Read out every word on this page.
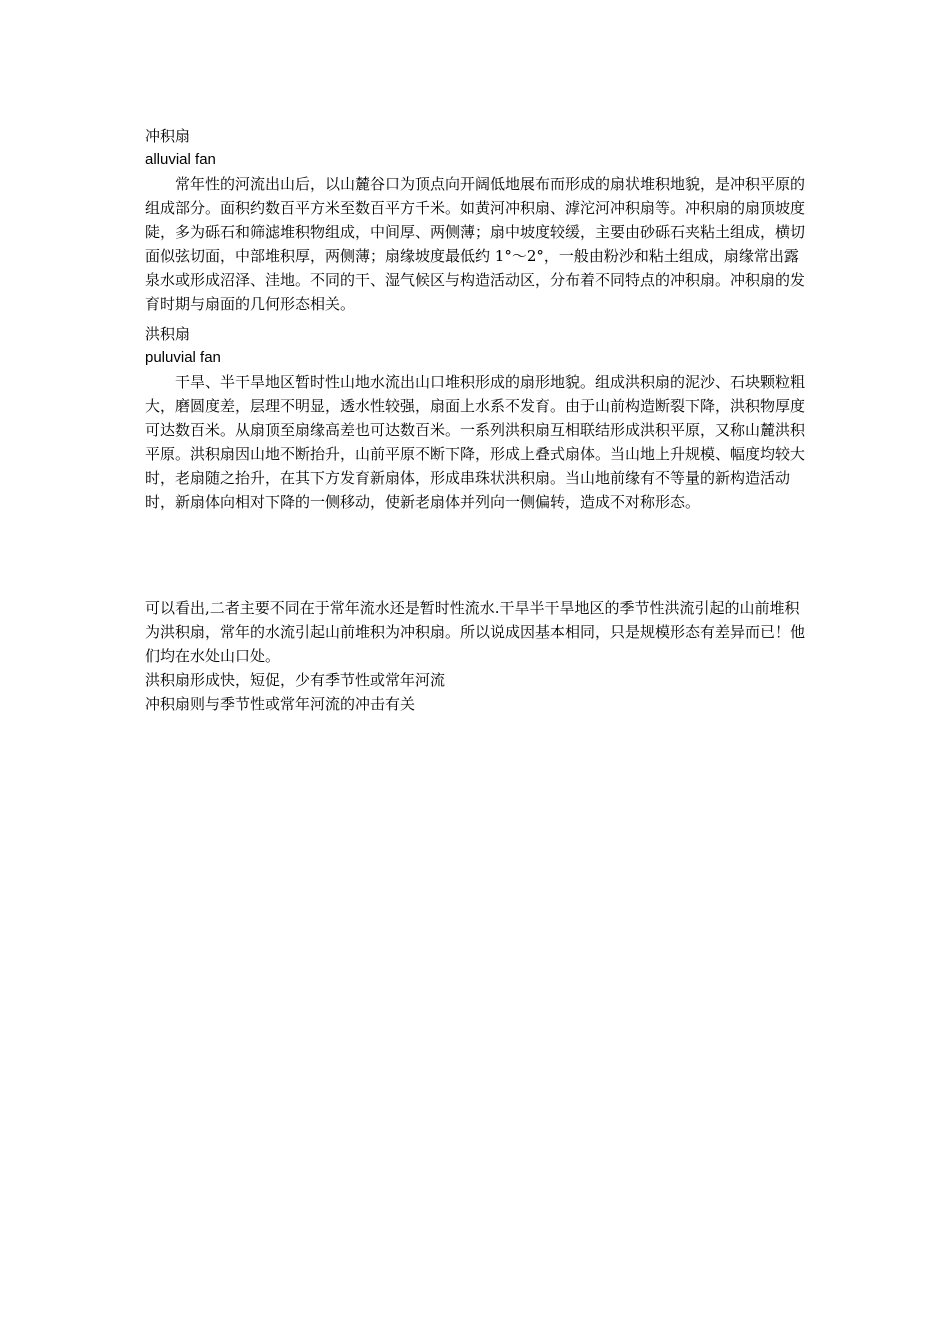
冲积扇

alluvial fan

常年性的河流出山后，以山麓谷口为顶点向开阔低地展布而形成的扇状堆积地貌，是冲积平原的组成部分。面积约数百平方米至数百平方千米。如黄河冲积扇、滹沱河冲积扇等。冲积扇的扇顶坡度陡，多为砾石和筛滤堆积物组成，中间厚、两侧薄；扇中坡度较缓，主要由砂砾石夹粘土组成，横切面似弦切面，中部堆积厚，两侧薄；扇缘坡度最低约 1°～2°，一般由粉沙和粘土组成，扇缘常出露泉水或形成沼泽、洼地。不同的干、湿气候区与构造活动区，分布着不同特点的冲积扇。冲积扇的发育时期与扇面的几何形态相关。

洪积扇

puluvial fan

干旱、半干旱地区暂时性山地水流出山口堆积形成的扇形地貌。组成洪积扇的泥沙、石块颗粒粗大，磨圆度差，层理不明显，透水性较强，扇面上水系不发育。由于山前构造断裂下降，洪积物厚度可达数百米。从扇顶至扇缘高差也可达数百米。一系列洪积扇互相联结形成洪积平原，又称山麓洪积平原。洪积扇因山地不断抬升，山前平原不断下降，形成上叠式扇体。当山地上升规模、幅度均较大时，老扇随之抬升，在其下方发育新扇体，形成串珠状洪积扇。当山地前缘有不等量的新构造活动时，新扇体向相对下降的一侧移动，使新老扇体并列向一侧偏转，造成不对称形态。

可以看出,二者主要不同在于常年流水还是暂时性流水.干旱半干旱地区的季节性洪流引起的山前堆积为洪积扇，常年的水流引起山前堆积为冲积扇。所以说成因基本相同，只是规模形态有差异而已！他们均在水处山口处。

洪积扇形成快，短促，少有季节性或常年河流

冲积扇则与季节性或常年河流的冲击有关
